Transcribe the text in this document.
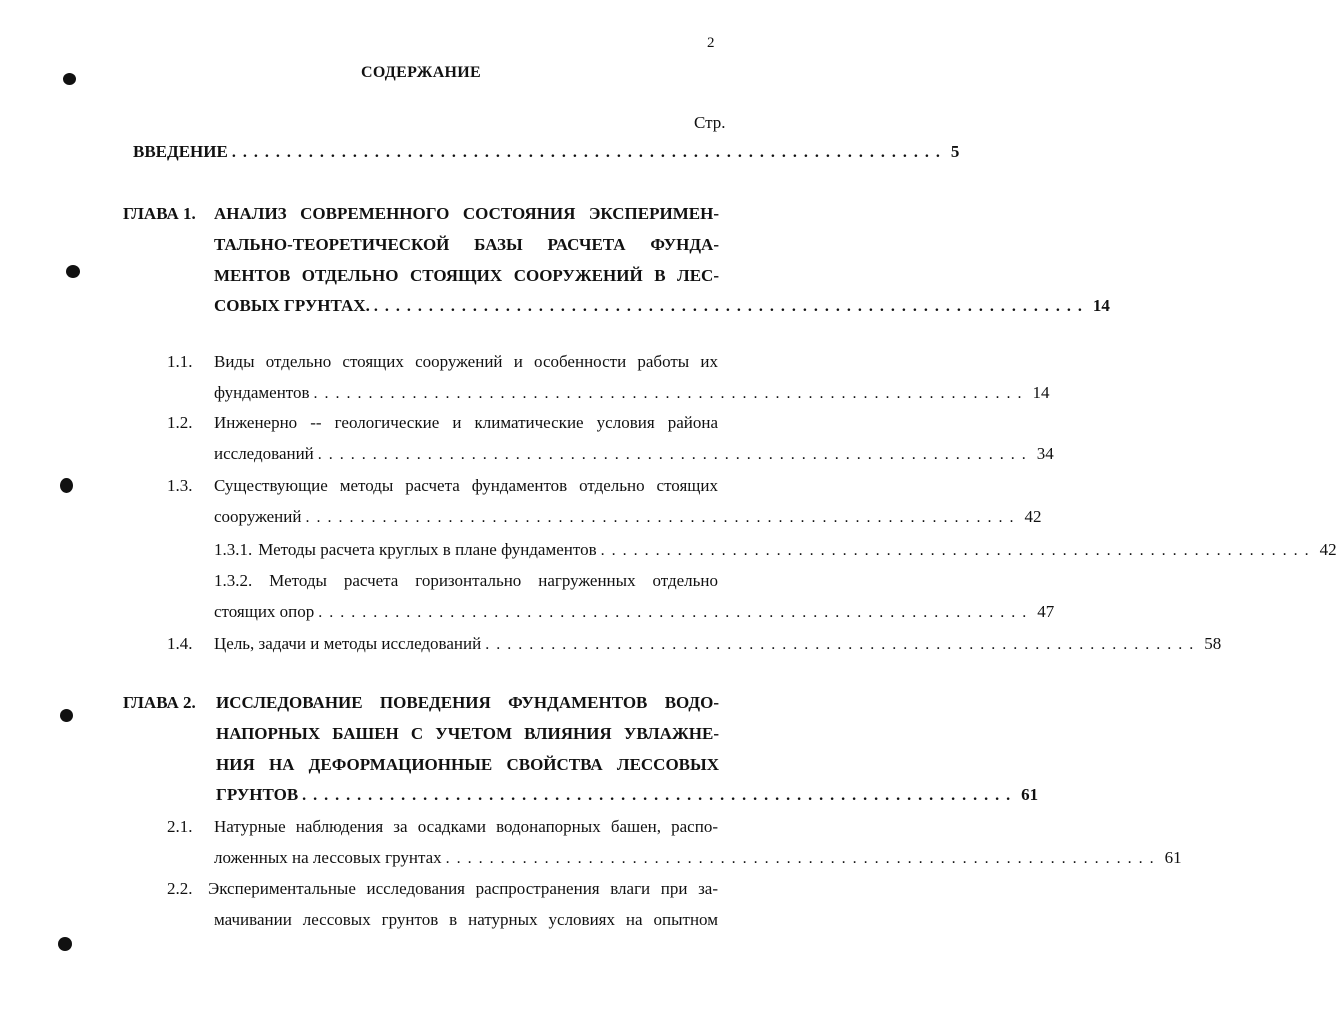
2
СОДЕРЖАНИЕ
Стр.
ВВЕДЕНИЕ ................................................................. 5
ГЛАВА 1. АНАЛИЗ СОВРЕМЕННОГО СОСТОЯНИЯ ЭКСПЕРИМЕН-
ТАЛЬНО-ТЕОРЕТИЧЕСКОЙ БАЗЫ РАСЧЕТА ФУНДА-
МЕНТОВ ОТДЕЛЬНО СТОЯЩИХ СООРУЖЕНИЙ В ЛЕС-
СОВЫХ ГРУНТАХ. ................................................................. 14
1.1. Виды отдельно стоящих сооружений и особенности работы их
фундаментов ................................................................. 14
1.2. Инженерно -- геологические и климатические условия района
исследований ................................................................. 34
1.3. Существующие методы расчета фундаментов отдельно стоящих
сооружений ................................................................. 42
1.3.1. Методы расчета круглых в плане фундаментов ................................................................. 42
1.3.2. Методы расчета горизонтально нагруженных отдельно
стоящих опор ................................................................. 47
1.4. Цель, задачи и методы исследований ................................................................. 58
ГЛАВА 2. ИССЛЕДОВАНИЕ ПОВЕДЕНИЯ ФУНДАМЕНТОВ ВОДО-
НАПОРНЫХ БАШЕН С УЧЕТОМ ВЛИЯНИЯ УВЛАЖНЕ-
НИЯ НА ДЕФОРМАЦИОННЫЕ СВОЙСТВА ЛЕССОВЫХ
ГРУНТОВ ................................................................. 61
2.1. Натурные наблюдения за осадками водонапорных башен, распо-
ложенных на лессовых грунтах ................................................................. 61
2.2. Экспериментальные исследования распространения влаги при за-
мачивании лессовых грунтов в натурных условиях на опытном
